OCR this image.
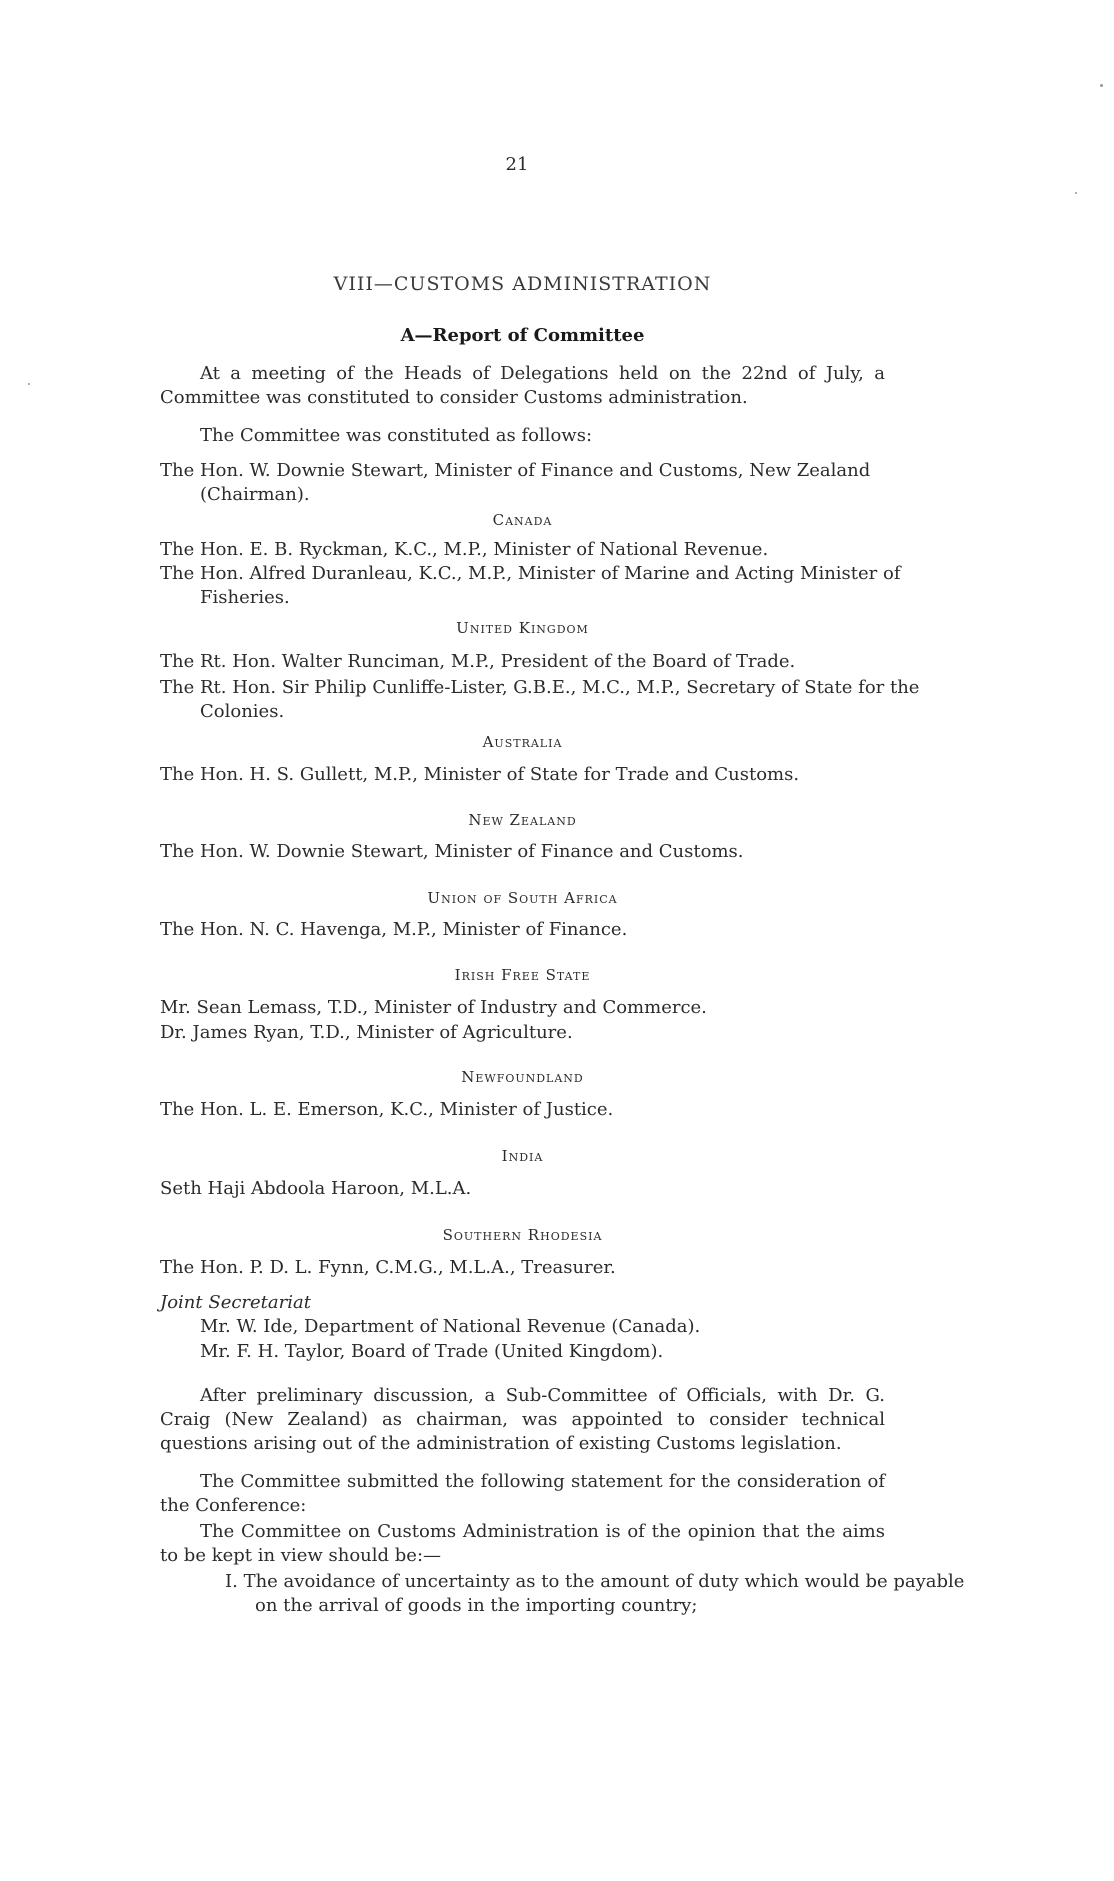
21
VIII—CUSTOMS ADMINISTRATION
A—Report of Committee

At a meeting of the Heads of Delegations held on the 22nd of July, a Committee was constituted to consider Customs administration.

The Committee was constituted as follows:

The Hon. W. Downie Stewart, Minister of Finance and Customs, New Zealand (Chairman).

Canada

The Hon. E. B. Ryckman, K.C., M.P., Minister of National Revenue.

The Hon. Alfred Duranleau, K.C., M.P., Minister of Marine and Acting Minister of Fisheries.

United Kingdom

The Rt. Hon. Walter Runciman, M.P., President of the Board of Trade.

The Rt. Hon. Sir Philip Cunliffe-Lister, G.B.E., M.C., M.P., Secretary of State for the Colonies.

Australia

The Hon. H. S. Gullett, M.P., Minister of State for Trade and Customs.

New Zealand

The Hon. W. Downie Stewart, Minister of Finance and Customs.

Union of South Africa

The Hon. N. C. Havenga, M.P., Minister of Finance.

Irish Free State

Mr. Sean Lemass, T.D., Minister of Industry and Commerce.

Dr. James Ryan, T.D., Minister of Agriculture.

Newfoundland

The Hon. L. E. Emerson, K.C., Minister of Justice.

India

Seth Haji Abdoola Haroon, M.L.A.

Southern Rhodesia

The Hon. P. D. L. Fynn, C.M.G., M.L.A., Treasurer.

Joint Secretariat

Mr. W. Ide, Department of National Revenue (Canada).

Mr. F. H. Taylor, Board of Trade (United Kingdom).

After preliminary discussion, a Sub-Committee of Officials, with Dr. G. Craig (New Zealand) as chairman, was appointed to consider technical questions arising out of the administration of existing Customs legislation.

The Committee submitted the following statement for the consideration of the Conference:

The Committee on Customs Administration is of the opinion that the aims to be kept in view should be:—

I. The avoidance of uncertainty as to the amount of duty which would be payable on the arrival of goods in the importing country;
